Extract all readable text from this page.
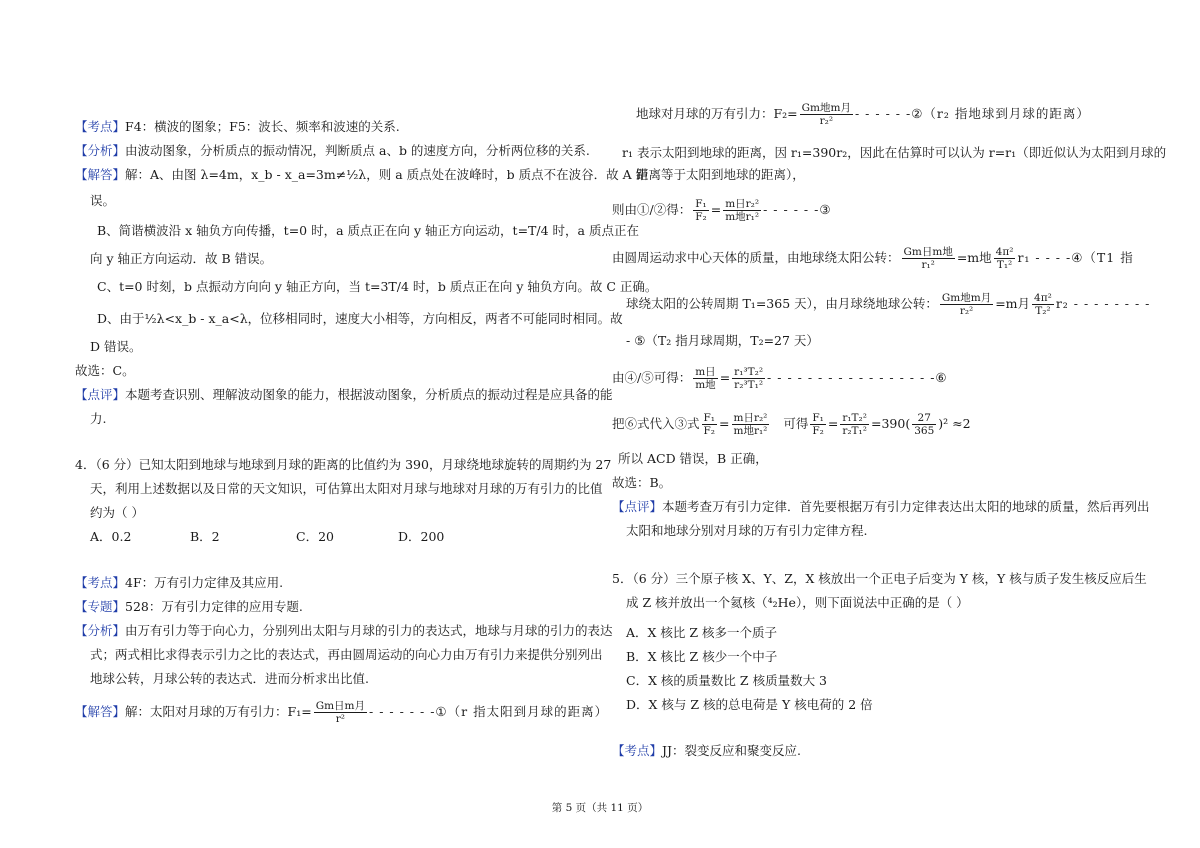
【考点】F4：横波的图象；F5：波长、频率和波速的关系.
【分析】由波动图象，分析质点的振动情况，判断质点 a、b 的速度方向，分析两位移的关系.
【解答】解：A、由图 λ=4m，x_b - x_a=3m≠½λ，则 a 质点处在波峰时，b 质点不在波谷．故 A 错
误。
B、简谐横波沿 x 轴负方向传播，t=0 时，a 质点正在向 y 轴正方向运动，t=T/4 时，a 质点正在
向 y 轴正方向运动．故 B 错误。
C、t=0 时刻，b 点振动方向向 y 轴正方向，当 t=3T/4 时，b 质点正在向 y 轴负方向。故 C 正确。
D、由于½λ<x_b - x_a<λ，位移相同时，速度大小相等，方向相反，两者不可能同时相同。故
D 错误。
故选：C。
【点评】本题考查识别、理解波动图象的能力，根据波动图象，分析质点的振动过程是应具备的能
力.
4．（6 分）已知太阳到地球与地球到月球的距离的比值约为 390，月球绕地球旋转的周期约为 27
天，利用上述数据以及日常的天文知识，可估算出太阳对月球与地球对月球的万有引力的比值
约为（ ）
A．0.2	B．2	C．20	D．200
【考点】4F：万有引力定律及其应用.
【专题】528：万有引力定律的应用专题.
【分析】由万有引力等于向心力，分别列出太阳与月球的引力的表达式，地球与月球的引力的表达
式；两式相比求得表示引力之比的表达式，再由圆周运动的向心力由万有引力来提供分别列出
地球公转，月球公转的表达式．进而分析求出比值.
【解答】解：太阳对月球的万有引力：$F_1= \frac{\text{Gm日m月}}{\text{r²}}$ - - - - - - -①（r 指太阳到月球的距离）
地球对月球的万有引力：$F_2= \frac{\text{Gm地m月}}{\text{r₂²}}$ - - - - - -②（r₂ 指地球到月球的距离）
r₁ 表示太阳到地球的距离，因 r₁=390r₂，因此在估算时可以认为 r=r₁（即近似认为太阳到月球的
距离等于太阳到地球的距离），
则由①/②得： $\frac{\text{F₁}}{\text{F₂}} = \frac{\text{m日r₂²}}{\text{m地r₁²}}$ - - - - - -③
由圆周运动求中心天体的质量，由地球绕太阳公转： $\frac{\text{Gm日m地}}{\text{r₁²}} =m$地 $\frac{\text{4π²}}{\text{T₁²}} r_1$ - - - -④（T1 指
球绕太阳的公转周期 T₁=365 天），由月球绕地球公转： $\frac{\text{Gm地m月}}{\text{r₂²}} =m$月 $\frac{\text{4π²}}{\text{T₂²}} r_2$ - - - - - - - -
- ⑤（T₂ 指月球周期，T₂=27 天）
由④/⑤可得： $\frac{\text{m日}}{\text{m地}} = \frac{\text{r₁³T₂²}}{\text{r₂³T₁²}}$ - - - - - - - - - - - - - - - - -⑥
把⑥式代入③式 $\frac{\text{F₁}}{\text{F₂}} = \frac{\text{m日r₂²}}{\text{m地r₁²}}$ 可得 $\frac{\text{F₁}}{\text{F₂}} = \frac{\text{r₁T₂²}}{\text{r₂T₁²}} =390( \frac{27}{365} )^2 \approx 2$
所以 ACD 错误，B 正确，
故选：B。
【点评】本题考查万有引力定律．首先要根据万有引力定律表达出太阳的地球的质量，然后再列出
太阳和地球分别对月球的万有引力定律方程.
5．（6 分）三个原子核 X、Y、Z，X 核放出一个正电子后变为 Y 核，Y 核与质子发生核反应后生
成 Z 核并放出一个氦核（⁴₂He），则下面说法中正确的是（ ）
A．X 核比 Z 核多一个质子
B．X 核比 Z 核少一个中子
C．X 核的质量数比 Z 核质量数大 3
D．X 核与 Z 核的总电荷是 Y 核电荷的 2 倍
【考点】JJ：裂变反应和聚变反应.
第 5 页（共 11 页）
